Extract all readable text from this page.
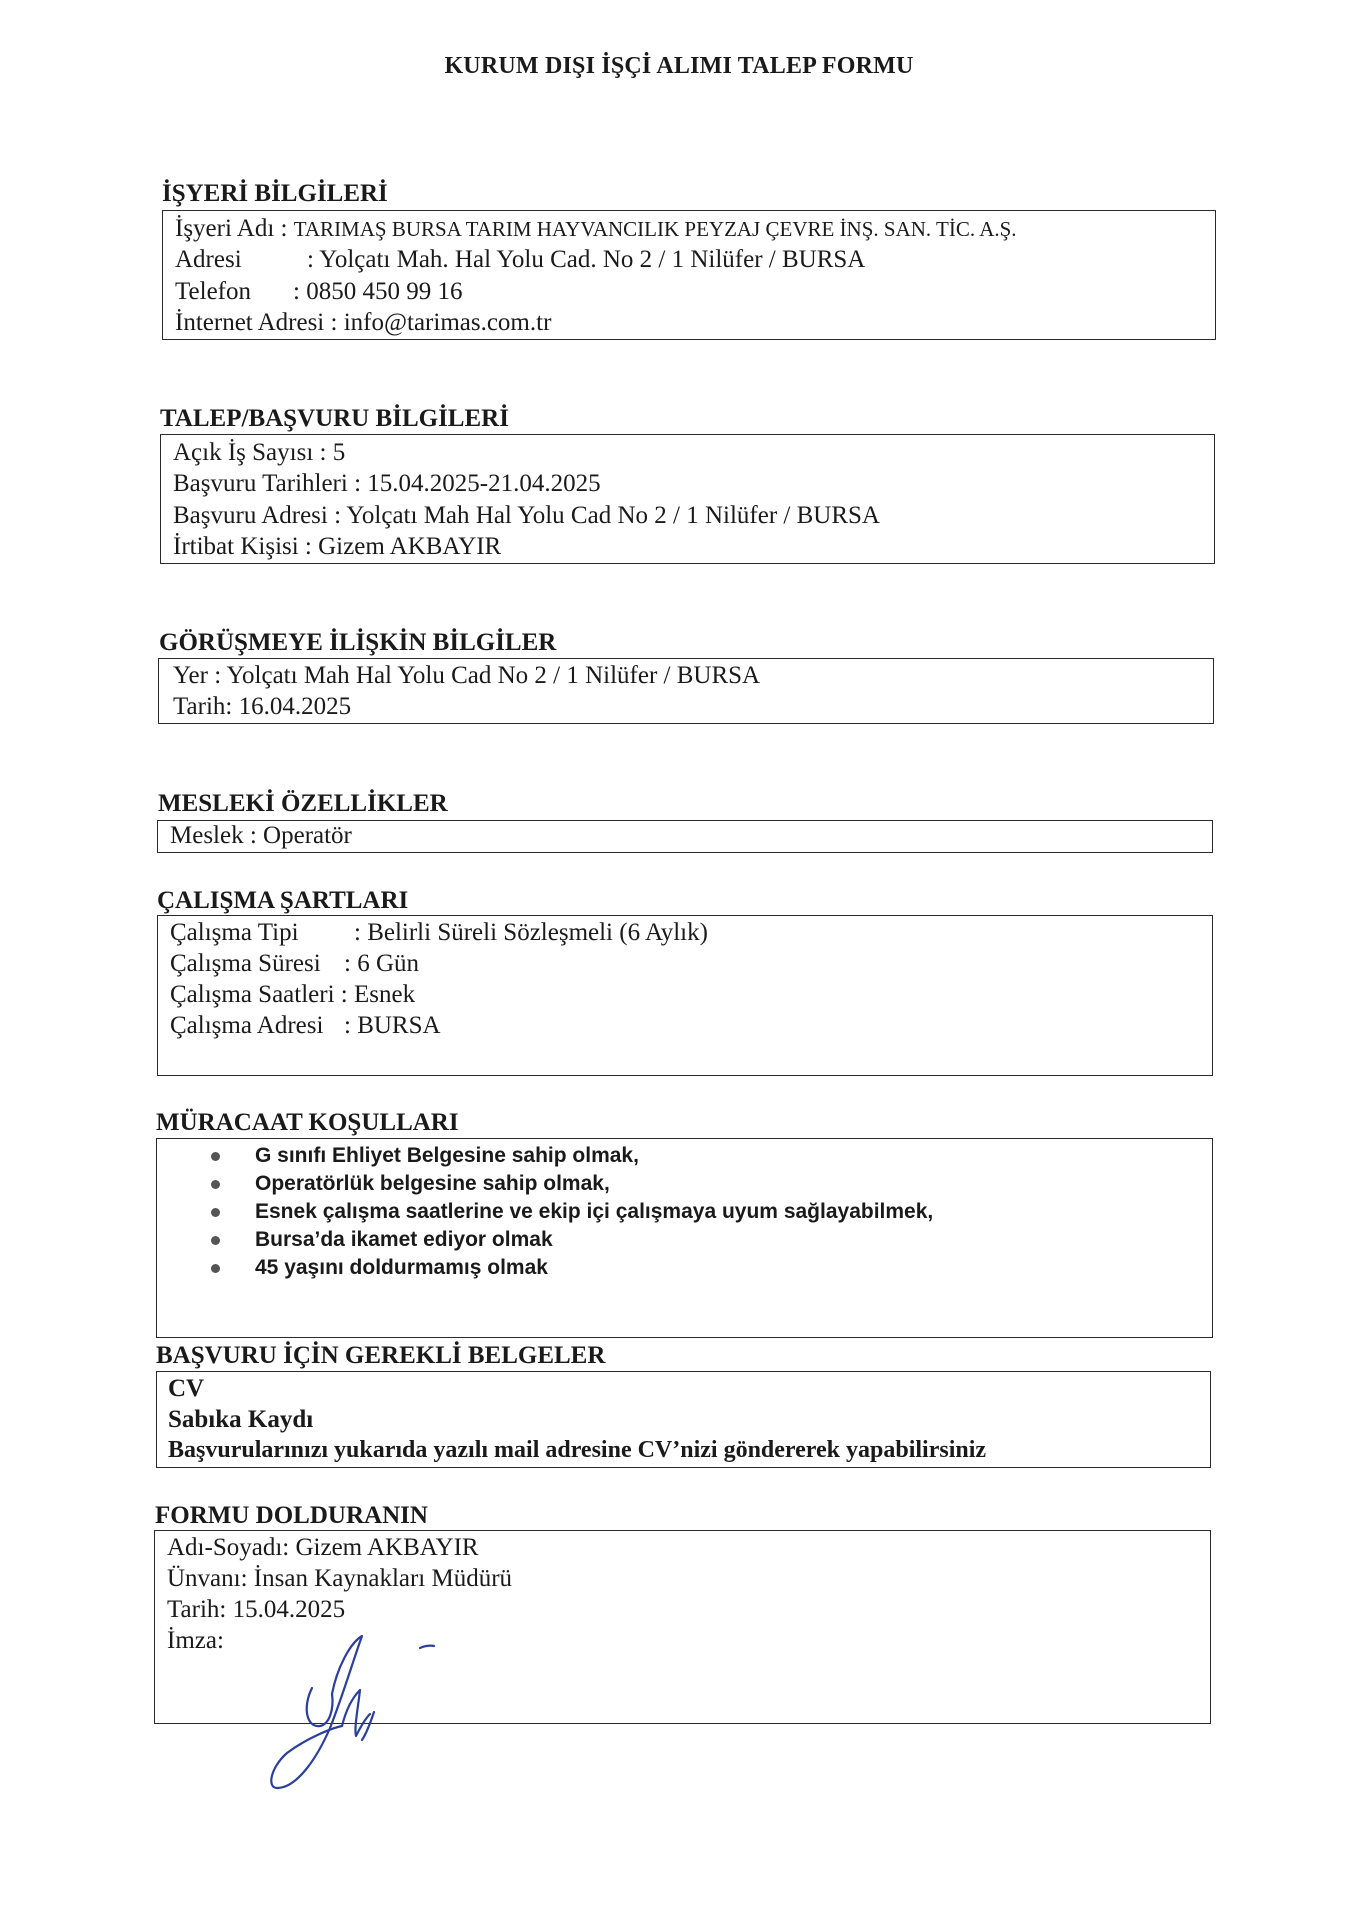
KURUM DIŞI İŞÇİ ALIMI TALEP FORMU
İŞYERİ BİLGİLERİ
İşyeri Adı : TARIMAŞ BURSA TARIM HAYVANCILIK PEYZAJ ÇEVRE İNŞ. SAN. TİC. A.Ş.
Adresi	: Yolçatı Mah. Hal Yolu Cad. No 2 / 1 Nilüfer / BURSA
Telefon : 0850 450 99 16
İnternet Adresi : info@tarimas.com.tr
TALEP/BAŞVURU BİLGİLERİ
Açık İş Sayısı : 5
Başvuru Tarihleri : 15.04.2025-21.04.2025
Başvuru Adresi : Yolçatı Mah Hal Yolu Cad No 2 / 1 Nilüfer / BURSA
İrtibat Kişisi : Gizem AKBAYIR
GÖRÜŞMEYE İLİŞKİN BİLGİLER
Yer : Yolçatı Mah Hal Yolu Cad No 2 / 1 Nilüfer / BURSA
Tarih: 16.04.2025
MESLEKİ ÖZELLİKLER
Meslek : Operatör
ÇALIŞMA ŞARTLARI
Çalışma Tipi : Belirli Süreli Sözleşmeli (6 Aylık)
Çalışma Süresi : 6 Gün
Çalışma Saatleri : Esnek
Çalışma Adresi : BURSA
MÜRACAAT KOŞULLARI
G sınıfı Ehliyet Belgesine sahip olmak,
Operatörlük belgesine sahip olmak,
Esnek çalışma saatlerine ve ekip içi çalışmaya uyum sağlayabilmek,
Bursa’da ikamet ediyor olmak
45 yaşını doldurmamış olmak
BAŞVURU İÇİN GEREKLİ BELGELER
CV
Sabıka Kaydı
Başvurularınızı yukarıda yazılı mail adresine CV’nizi göndererek yapabilirsiniz
FORMU DOLDURANIN
Adı-Soyadı: Gizem AKBAYIR
Ünvanı: İnsan Kaynakları Müdürü
Tarih: 15.04.2025
İmza:
